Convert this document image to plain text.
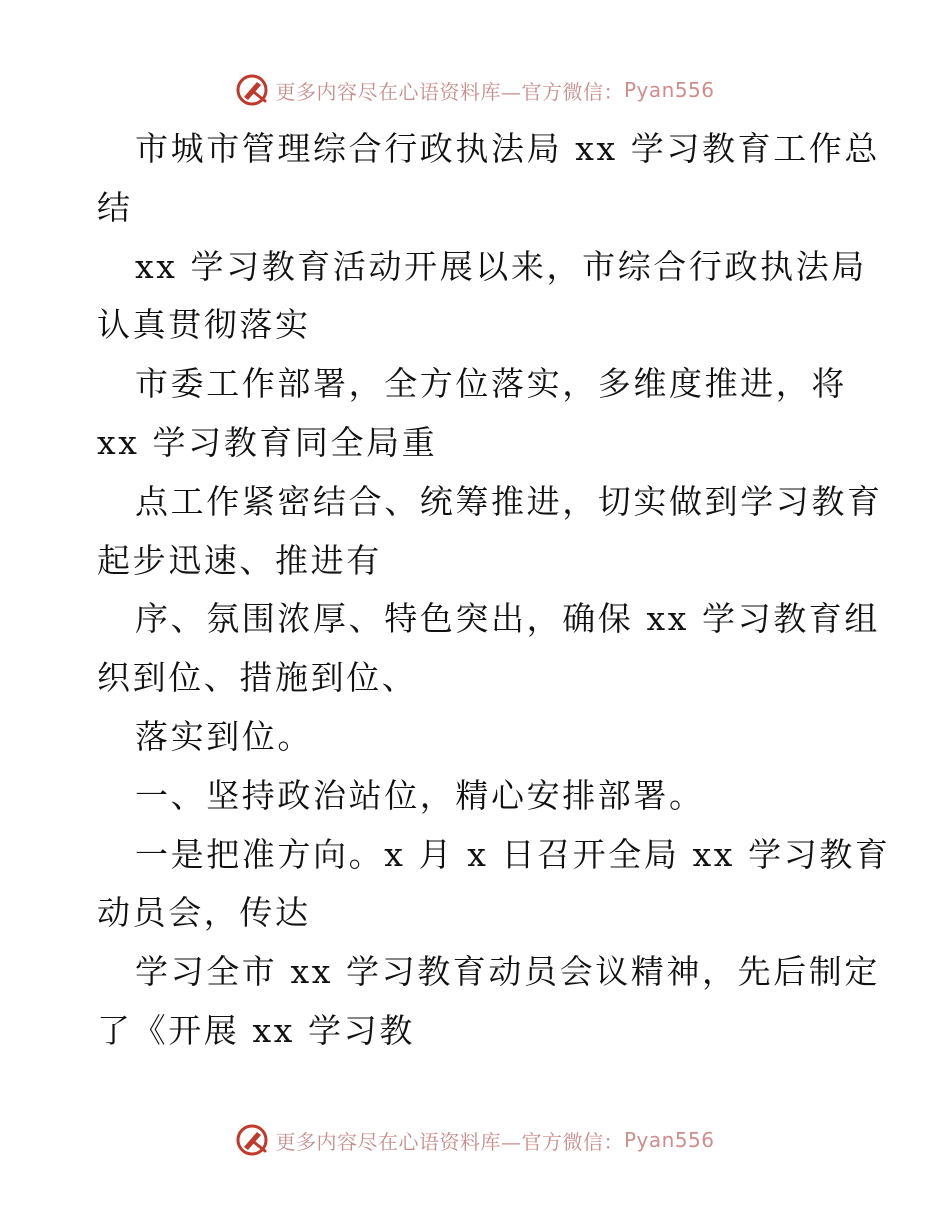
更多内容尽在心语资料库—官方微信： Pyan556
市城市管理综合行政执法局 xx 学习教育工作总
结
xx 学习教育活动开展以来，市综合行政执法局
认真贯彻落实
市委工作部署，全方位落实，多维度推进，将
xx 学习教育同全局重
点工作紧密结合、统筹推进，切实做到学习教育
起步迅速、推进有
序、氛围浓厚、特色突出，确保 xx 学习教育组
织到位、措施到位、
落实到位。
一、坚持政治站位，精心安排部署。
一是把准方向。x 月 x 日召开全局 xx 学习教育
动员会，传达
学习全市 xx 学习教育动员会议精神，先后制定
了《开展 xx 学习教
更多内容尽在心语资料库—官方微信： Pyan556
